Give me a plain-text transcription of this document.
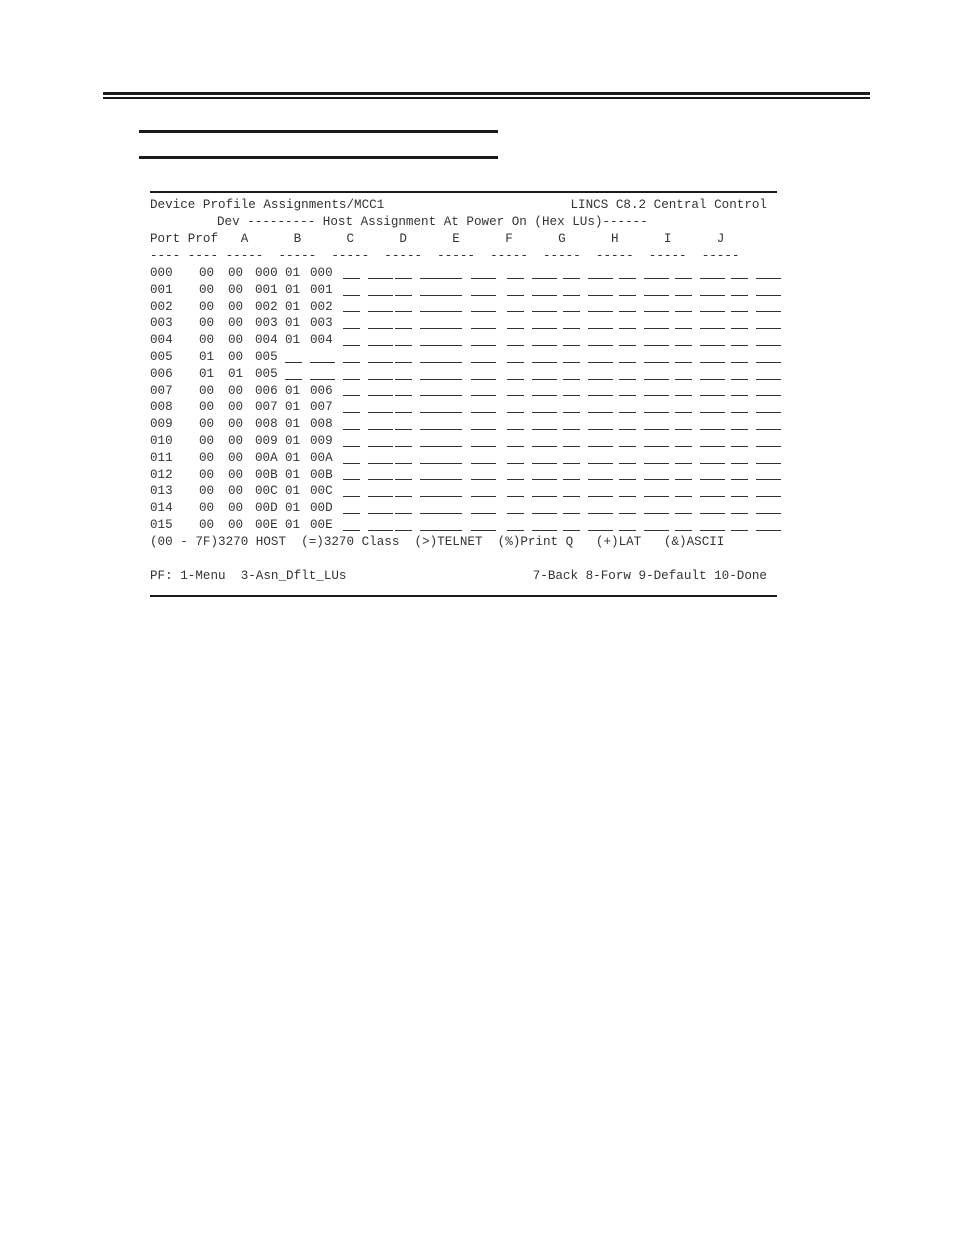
Device Profile Assignments/MCC1

	LINCS C8.2 Central Control

Dev --------- Host Assignment At Power On (Hex LUs)------

Port Prof   A      B      C      D      E      F      G      H      I      J

---- ---- -----  -----  -----  -----  -----  -----  -----  -----  -----  -----

000 00 00 000 01 000
001 00 00 001 01 001
002 00 00 002 01 002
003 00 00 003 01 003
004 00 00 004 01 004
005 01 00 005
006 01 01 005
007 00 00 006 01 006
008 00 00 007 01 007
009 00 00 008 01 008
010 00 00 009 01 009
011 00 00 00A 01 00A
012 00 00 00B 01 00B
013 00 00 00C 01 00C
014 00 00 00D 01 00D
015 00 00 00E 01 00E

(00 - 7F)3270 HOST  (=)3270 Class  (>)TELNET  (%)Print Q   (+)LAT   (&)ASCII

PF: 1-Menu  3-Asn_Dflt_LUs

	7-Back 8-Forw 9-Default 10-Done
